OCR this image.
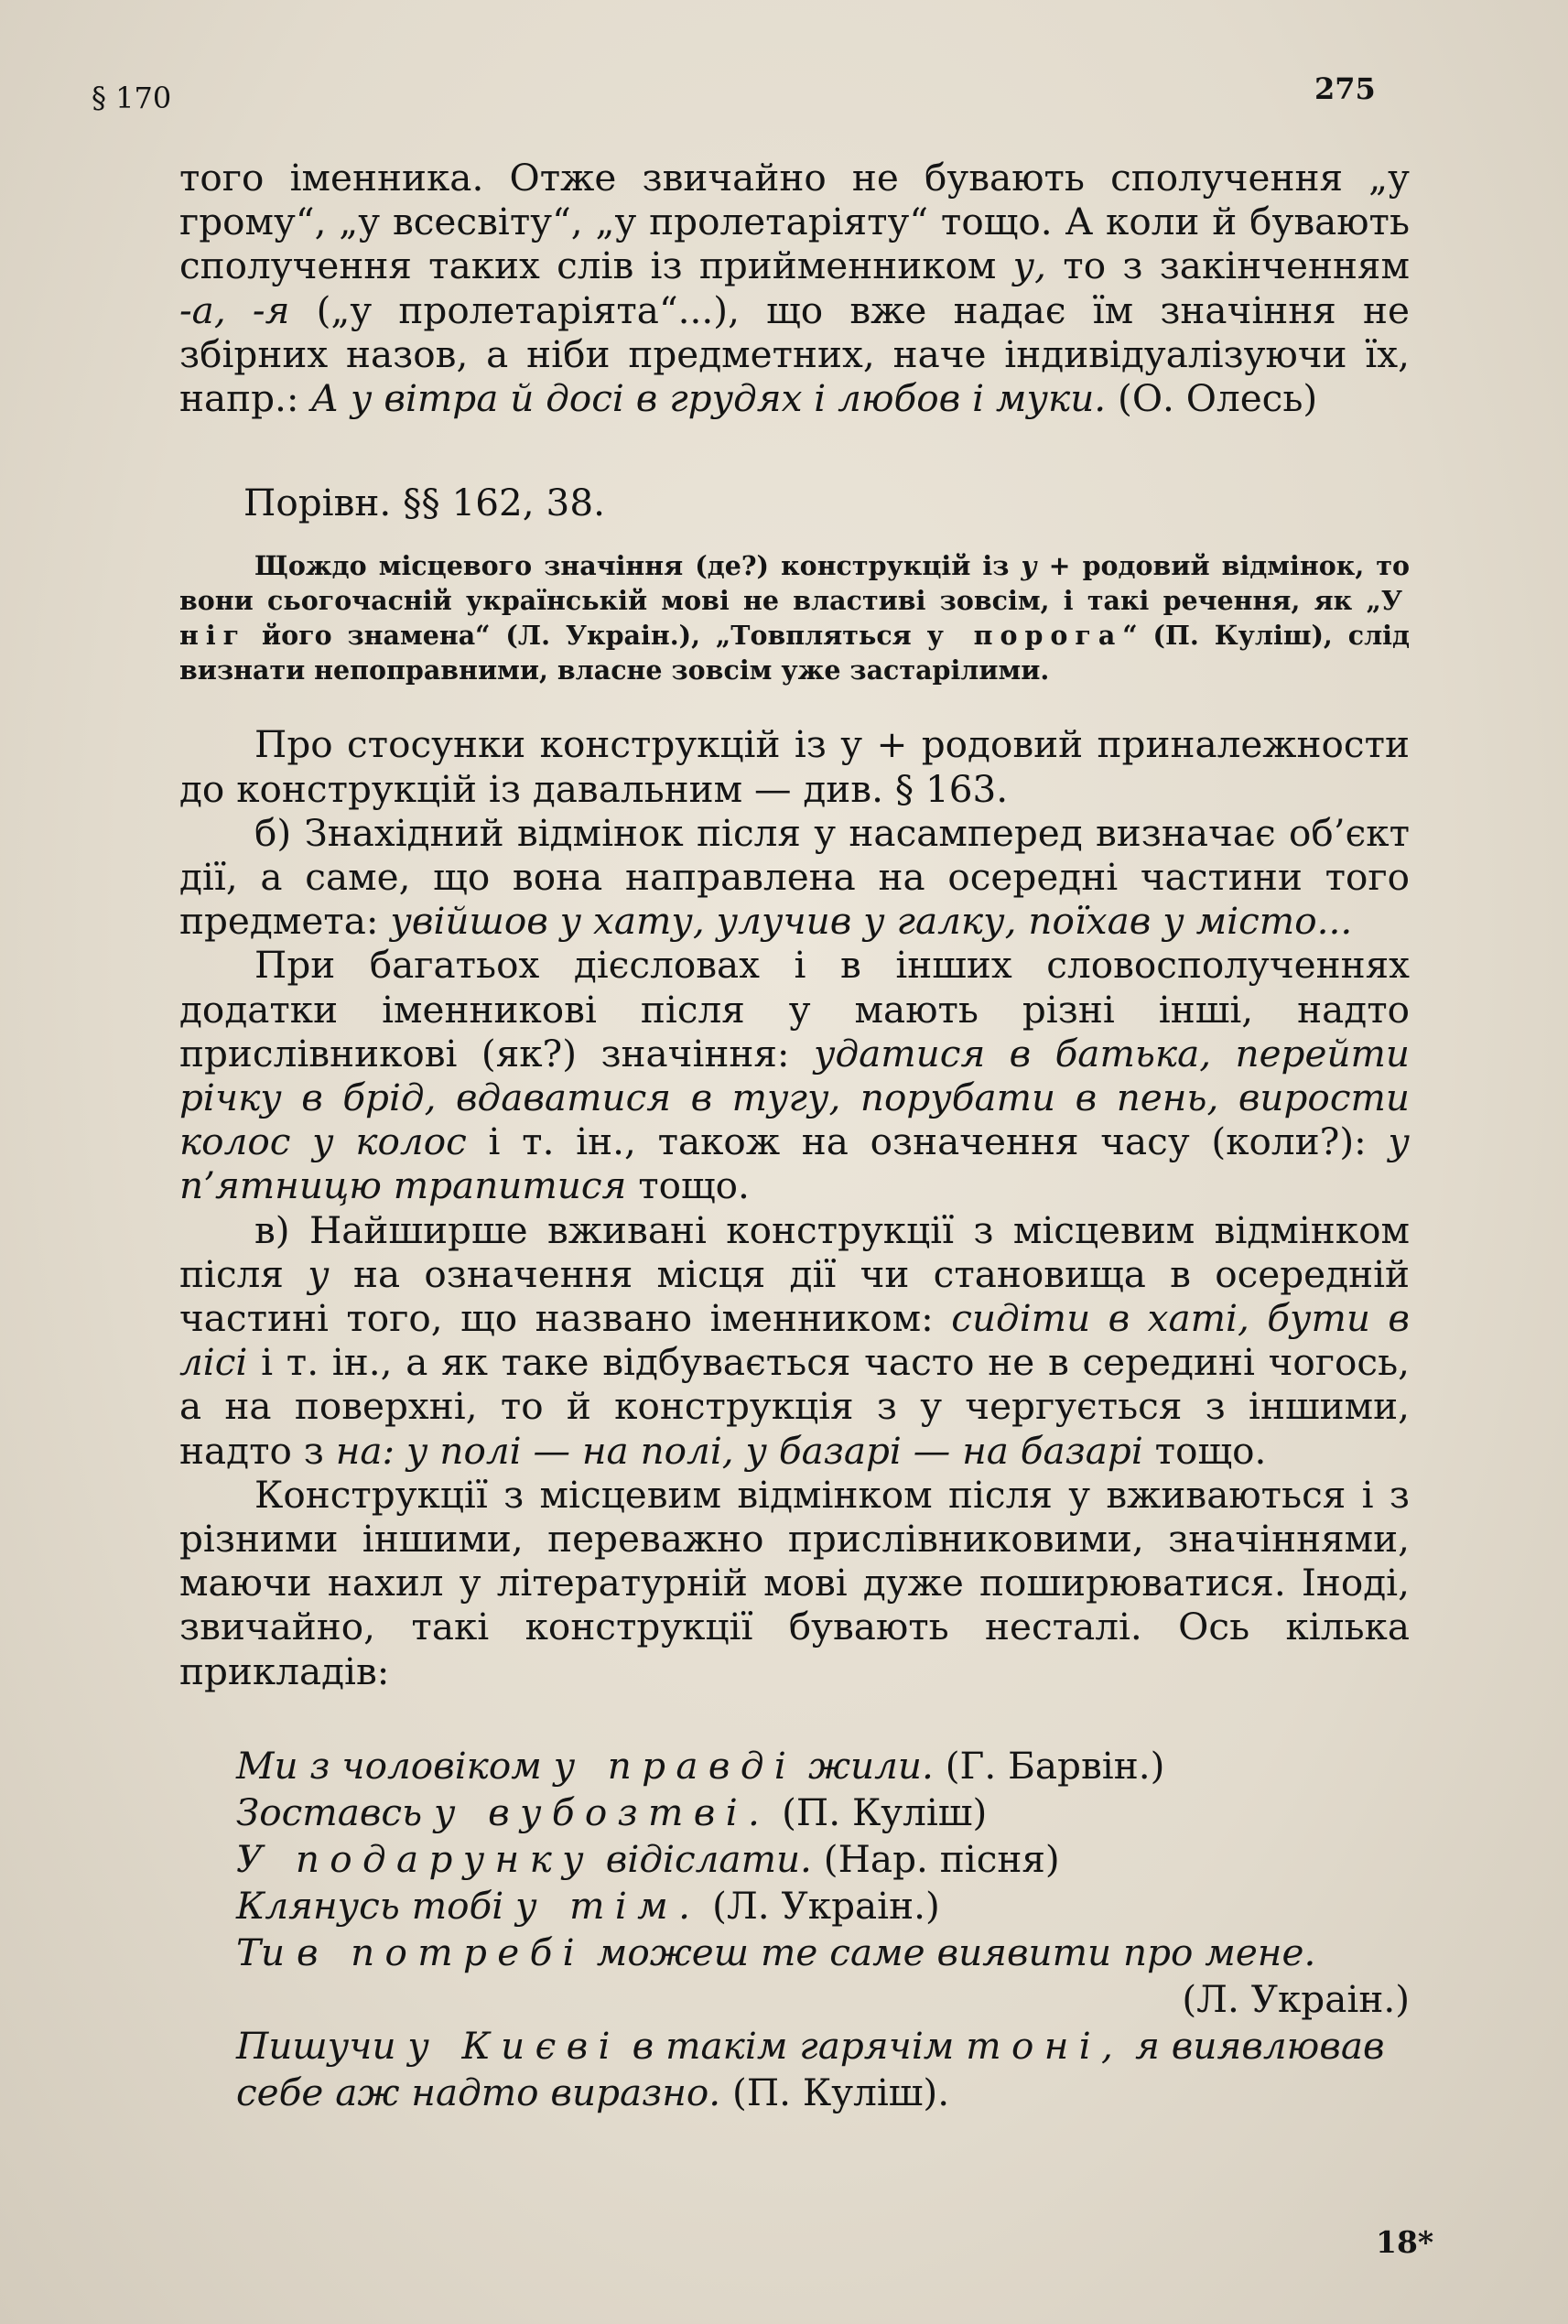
§ 170	275

того іменника. Отже звичайно не бувають сполучення „у грому“, „у всесвіту“, „у пролетаріяту“ тощо. А коли й бувають сполучення таких слів із прийменником у, то з закінченням -а, -я („у пролетаріята“...), що вже надає їм значіння не збірних назов, а ніби предметних, наче індивідуалізуючи їх, напр.: А у вітра й досі в грудях і любов і муки. (О. Олесь)

Порівн. §§ 162, 38.

Щождо місцевого значіння (де?) конструкцій із у + родовий відмінок, то вони сьогочасній українській мові не властиві зовсім, і такі речення, як „У ніг його знамена“ (Л. Украін.), „Товпляться у порога“ (П. Куліш), слід визнати непоправними, власне зовсім уже застарілими.

Про стосунки конструкцій із у + родовий приналежности до конструкцій із давальним — див. § 163.

б) Знахідний відмінок після у насамперед визначає об’єкт дії, а саме, що вона направлена на осередні частини того предмета: увійшов у хату, улучив у галку, поїхав у місто...

При багатьох дієсловах і в інших словосполученнях додатки іменникові після у мають різні інші, надто прислівникові (як?) значіння: удатися в батька, перейти річку в брід, вдаватися в тугу, порубати в пень, вирости колос у колос і т. ін., також на означення часу (коли?): у п’ятницю трапитися тощо.

в) Найширше вживані конструкції з місцевим відмінком після у на означення місця дії чи становища в осередній частині того, що названо іменником: сидіти в хаті, бути в лісі і т. ін., а як таке відбувається часто не в середині чогось, а на поверхні, то й конструкція з у чергується з іншими, надто з на: у полі — на полі, у базарі — на базарі тощо.

Конструкції з місцевим відмінком після у вживаються і з різними іншими, переважно прислівниковими, значіннями, маючи нахил у літературній мові дуже поширюватися. Іноді, звичайно, такі конструкції бувають несталі. Ось кілька прикладів:

Ми з чоловіком у правді жили. (Г. Барвін.)

Зоставсь у вубозтві. (П. Куліш)

У подарунку відіслати. (Нар. пісня)

Клянусь тобі у тім. (Л. Украін.)

Ти в потребі можеш те саме виявити про мене.

(Л. Украін.)

Пишучи у Києві в такім гарячім тоні, я виявлював себе аж надто виразно. (П. Куліш).

18*
